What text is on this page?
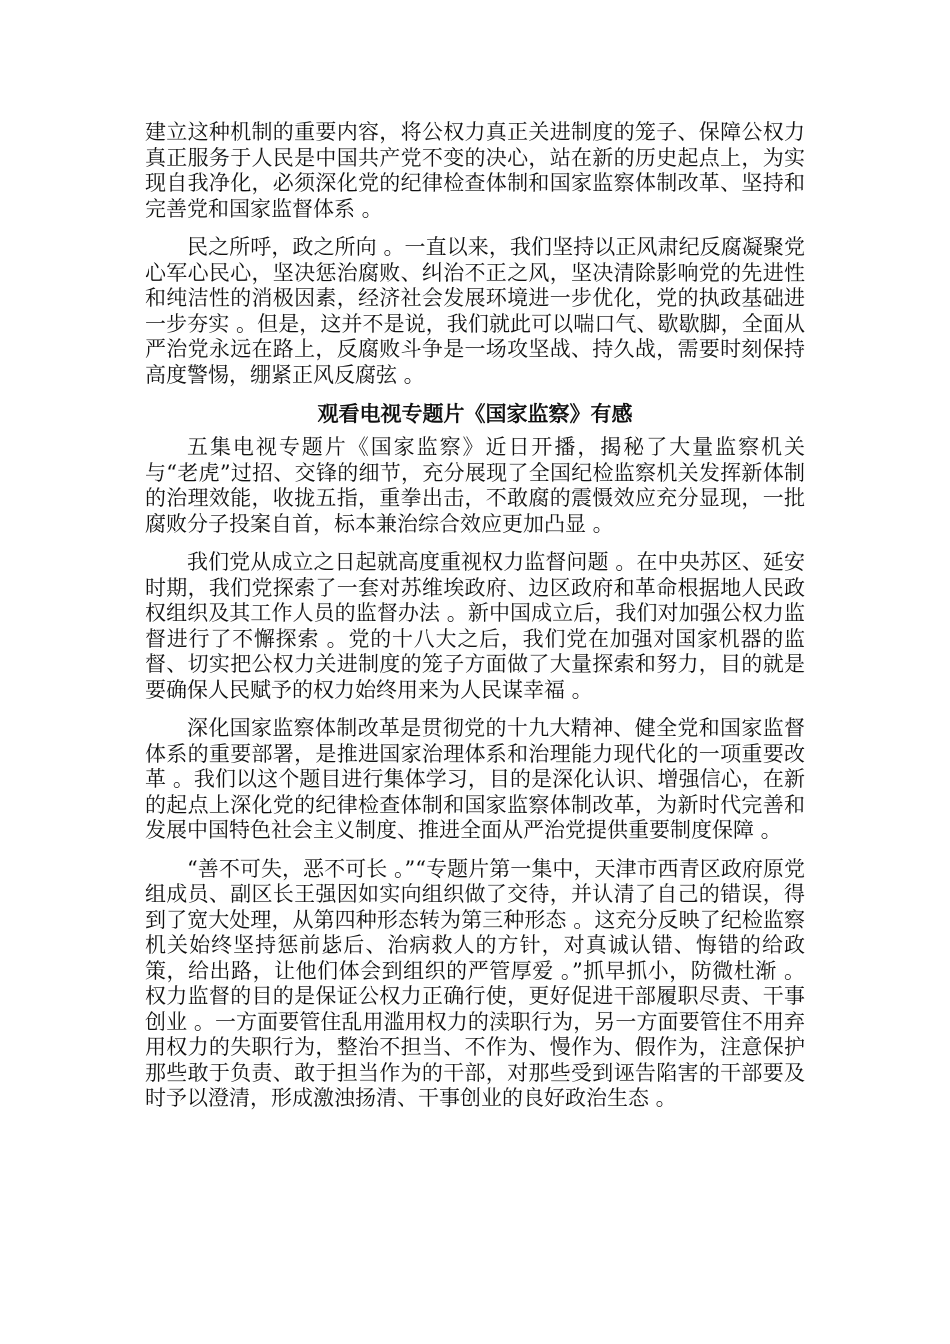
建立这种机制的重要内容，将公权力真正关进制度的笼子、保障公权力真正服务于人民是中国共产党不变的决心，站在新的历史起点上，为实现自我净化，必须深化党的纪律检查体制和国家监察体制改革、坚持和完善党和国家监督体系 。

民之所呼，政之所向 。一直以来，我们坚持以正风肃纪反腐凝聚党心军心民心，坚决惩治腐败、纠治不正之风，坚决清除影响党的先进性和纯洁性的消极因素，经济社会发展环境进一步优化，党的执政基础进一步夯实 。但是，这并不是说，我们就此可以喘口气、歇歇脚，全面从严治党永远在路上，反腐败斗争是一场攻坚战、持久战，需要时刻保持高度警惕，绷紧正风反腐弦 。

观看电视专题片《国家监察》有感

五集电视专题片《国家监察》近日开播，揭秘了大量监察机关与“老虎”过招、交锋的细节，充分展现了全国纪检监察机关发挥新体制的治理效能，收拢五指，重拳出击，不敢腐的震慑效应充分显现，一批腐败分子投案自首，标本兼治综合效应更加凸显 。

我们党从成立之日起就高度重视权力监督问题 。在中央苏区、延安时期，我们党探索了一套对苏维埃政府、边区政府和革命根据地人民政权组织及其工作人员的监督办法 。新中国成立后，我们对加强公权力监督进行了不懈探索 。党的十八大之后，我们党在加强对国家机器的监督、切实把公权力关进制度的笼子方面做了大量探索和努力，目的就是要确保人民赋予的权力始终用来为人民谋幸福 。

深化国家监察体制改革是贯彻党的十九大精神、健全党和国家监督体系的重要部署，是推进国家治理体系和治理能力现代化的一项重要改革 。我们以这个题目进行集体学习，目的是深化认识、增强信心，在新的起点上深化党的纪律检查体制和国家监察体制改革，为新时代完善和发展中国特色社会主义制度、推进全面从严治党提供重要制度保障 。

“善不可失，恶不可长 。”“专题片第一集中，天津市西青区政府原党组成员、副区长王强因如实向组织做了交待，并认清了自己的错误，得到了宽大处理，从第四种形态转为第三种形态 。这充分反映了纪检监察机关始终坚持惩前毖后、治病救人的方针，对真诚认错、悔错的给政策，给出路，让他们体会到组织的严管厚爱 。”抓早抓小，防微杜渐 。权力监督的目的是保证公权力正确行使，更好促进干部履职尽责、干事创业 。一方面要管住乱用滥用权力的渎职行为，另一方面要管住不用弃用权力的失职行为，整治不担当、不作为、慢作为、假作为，注意保护那些敢于负责、敢于担当作为的干部，对那些受到诬告陷害的干部要及时予以澄清，形成激浊扬清、干事创业的良好政治生态 。
